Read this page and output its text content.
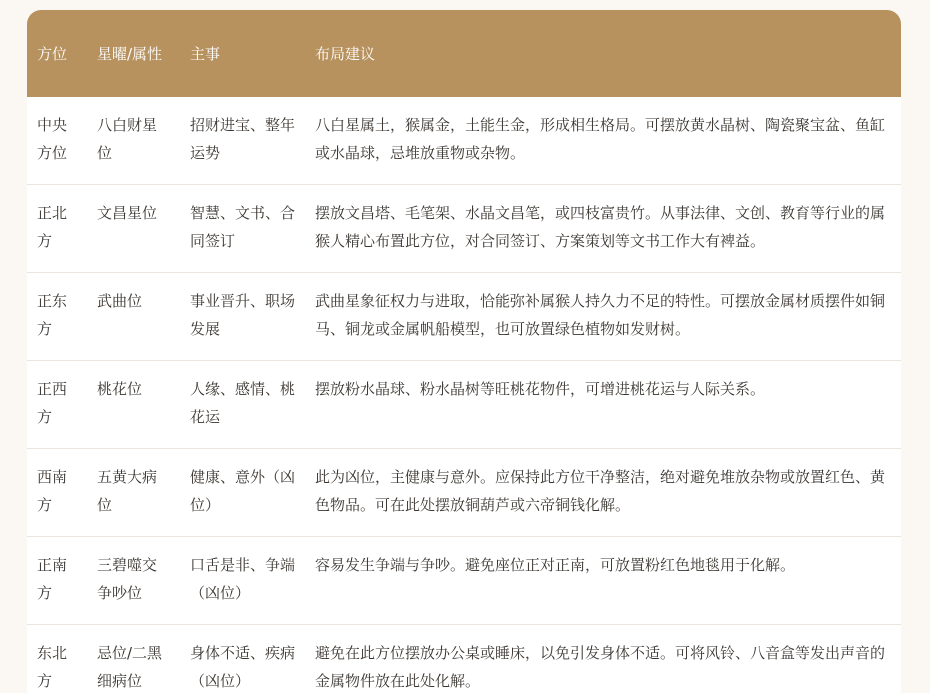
方位	星曜/属性	主事	布局建议
中央方位	八白财星位	招财进宝、整年运势	八白星属土，猴属金，土能生金，形成相生格局。可摆放黄水晶树、陶瓷聚宝盆、鱼缸或水晶球，忌堆放重物或杂物。
正北方	文昌星位	智慧、文书、合同签订	摆放文昌塔、毛笔架、水晶文昌笔，或四枝富贵竹。从事法律、文创、教育等行业的属猴人精心布置此方位，对合同签订、方案策划等文书工作大有裨益。
正东方	武曲位	事业晋升、职场发展	武曲星象征权力与进取，恰能弥补属猴人持久力不足的特性。可摆放金属材质摆件如铜马、铜龙或金属帆船模型，也可放置绿色植物如发财树。
正西方	桃花位	人缘、感情、桃花运	摆放粉水晶球、粉水晶树等旺桃花物件，可增进桃花运与人际关系。
西南方	五黄大病位	健康、意外（凶位）	此为凶位，主健康与意外。应保持此方位干净整洁，绝对避免堆放杂物或放置红色、黄色物品。可在此处摆放铜葫芦或六帝铜钱化解。
正南方	三碧噬交争吵位	口舌是非、争端（凶位）	容易发生争端与争吵。避免座位正对正南，可放置粉红色地毯用于化解。
东北方	忌位/二黑细病位	身体不适、疾病（凶位）	避免在此方位摆放办公桌或睡床，以免引发身体不适。可将风铃、八音盒等发出声音的金属物件放在此处化解。
